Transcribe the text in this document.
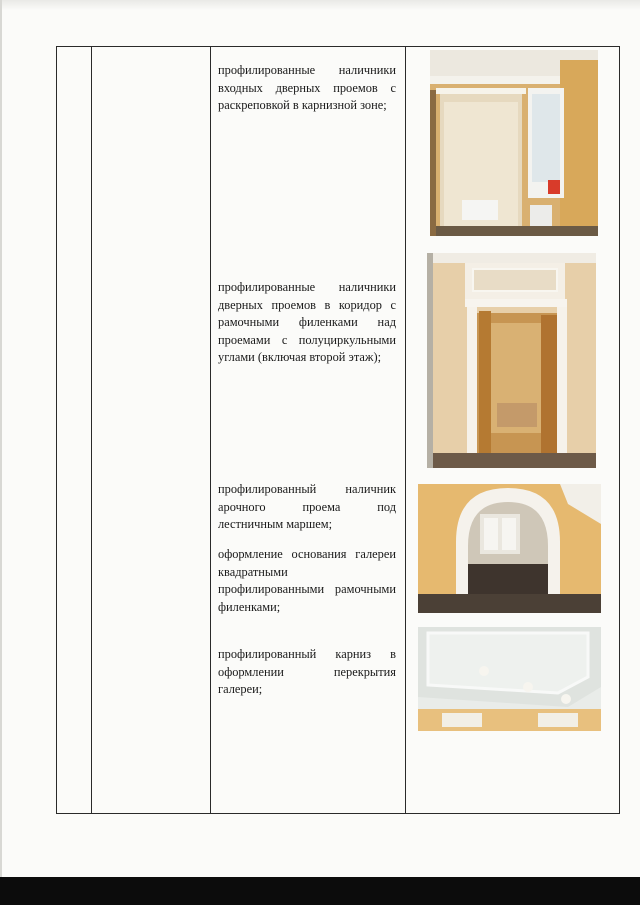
профилированные наличники входных дверных проемов с раскреповкой в карнизной зоне;
профилированные наличники дверных проемов в коридор с рамочными филенками над проемами с полуциркульными углами (включая второй этаж);
профилированный наличник арочного проема под лестничным маршем;
оформление основания галереи квадратными профилированными рамочными филенками;
профилированный карниз в оформлении перекрытия галереи;
